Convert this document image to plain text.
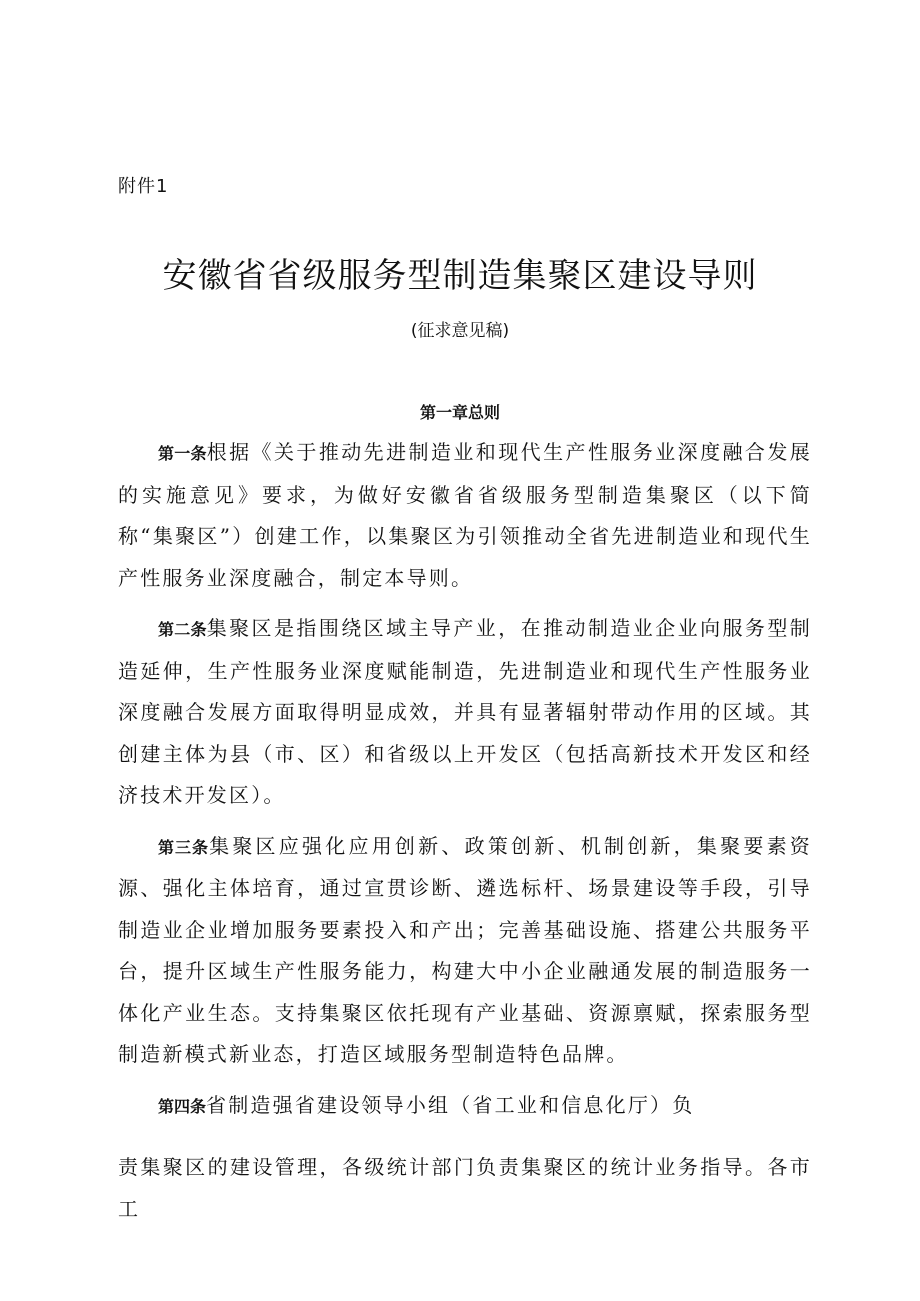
附件1
安徽省省级服务型制造集聚区建设导则
(征求意见稿)
第一章总则

第一条根据《关于推动先进制造业和现代生产性服务业深度融合发展的实施意见》要求，为做好安徽省省级服务型制造集聚区（以下简称“集聚区”）创建工作，以集聚区为引领推动全省先进制造业和现代生产性服务业深度融合，制定本导则。

第二条集聚区是指围绕区域主导产业，在推动制造业企业向服务型制造延伸，生产性服务业深度赋能制造，先进制造业和现代生产性服务业深度融合发展方面取得明显成效，并具有显著辐射带动作用的区域。其创建主体为县（市、区）和省级以上开发区（包括高新技术开发区和经济技术开发区）。

第三条集聚区应强化应用创新、政策创新、机制创新，集聚要素资源、强化主体培育，通过宣贯诊断、遴选标杆、场景建设等手段，引导制造业企业增加服务要素投入和产出；完善基础设施、搭建公共服务平台，提升区域生产性服务能力，构建大中小企业融通发展的制造服务一体化产业生态。支持集聚区依托现有产业基础、资源禀赋，探索服务型制造新模式新业态，打造区域服务型制造特色品牌。

第四条省制造强省建设领导小组（省工业和信息化厅）负

责集聚区的建设管理，各级统计部门负责集聚区的统计业务指导。各市工
